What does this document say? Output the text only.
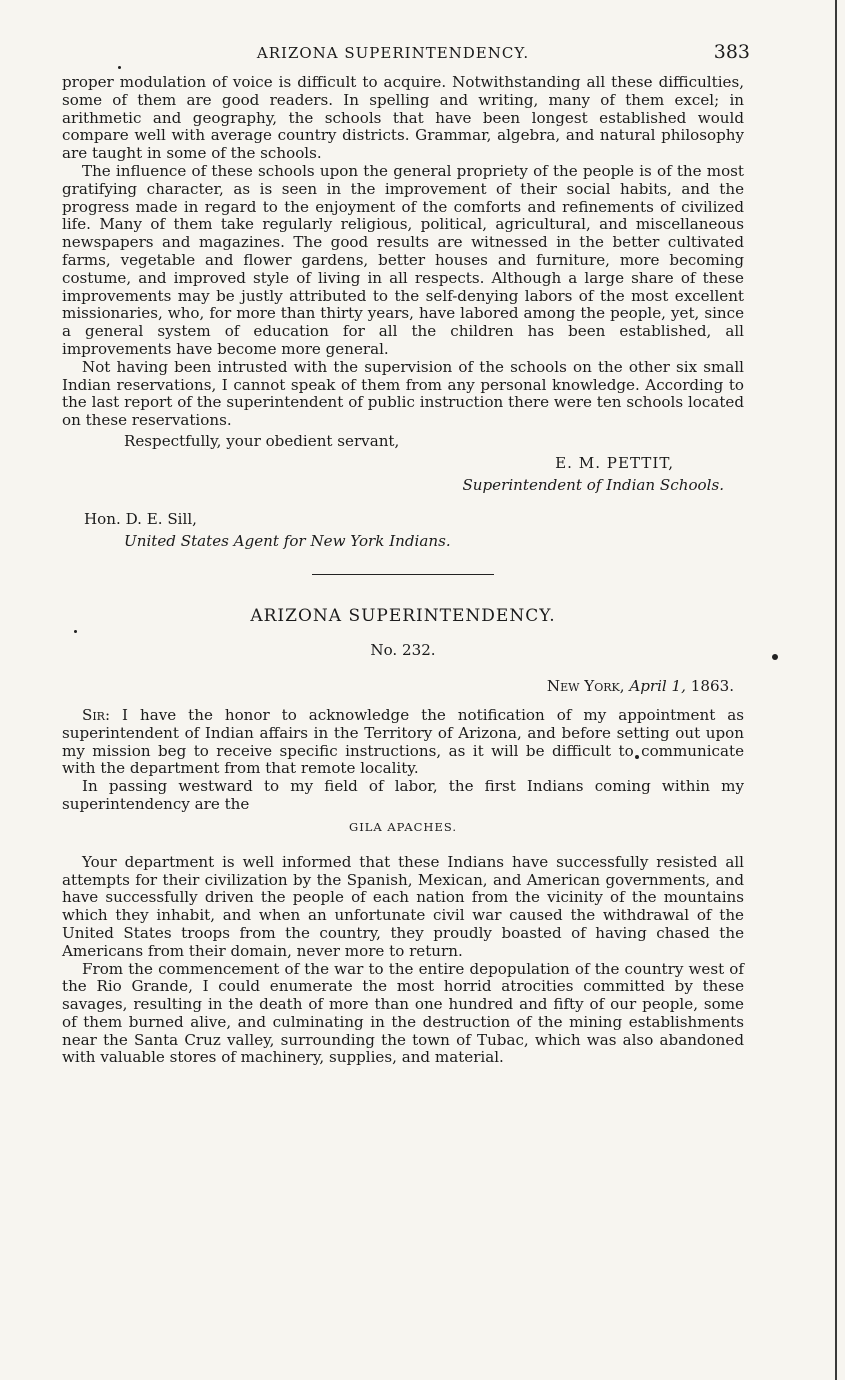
ARIZONA SUPERINTENDENCY.	383

proper modulation of voice is difficult to acquire. Notwithstanding all these difficulties, some of them are good readers. In spelling and writing, many of them excel; in arithmetic and geography, the schools that have been longest established would compare well with average country districts. Grammar, algebra, and natural philosophy are taught in some of the schools.

The influence of these schools upon the general propriety of the people is of the most gratifying character, as is seen in the improvement of their social habits, and the progress made in regard to the enjoyment of the comforts and refinements of civilized life. Many of them take regularly religious, political, agricultural, and miscellaneous newspapers and magazines. The good results are witnessed in the better cultivated farms, vegetable and flower gardens, better houses and furniture, more becoming costume, and improved style of living in all respects. Although a large share of these improvements may be justly attributed to the self-denying labors of the most excellent missionaries, who, for more than thirty years, have labored among the people, yet, since a general system of education for all the children has been established, all improvements have become more general.

Not having been intrusted with the supervision of the schools on the other six small Indian reservations, I cannot speak of them from any personal knowledge. According to the last report of the superintendent of public instruction there were ten schools located on these reservations.

Respectfully, your obedient servant,

E. M. PETTIT,

Superintendent of Indian Schools.

Hon. D. E. Sill,

United States Agent for New York Indians.

ARIZONA SUPERINTENDENCY.

No. 232.

New York, April 1, 1863.

Sir: I have the honor to acknowledge the notification of my appointment as superintendent of Indian affairs in the Territory of Arizona, and before setting out upon my mission beg to receive specific instructions, as it will be difficult to communicate with the department from that remote locality.

In passing westward to my field of labor, the first Indians coming within my superintendency are the

GILA APACHES.

Your department is well informed that these Indians have successfully resisted all attempts for their civilization by the Spanish, Mexican, and American governments, and have successfully driven the people of each nation from the vicinity of the mountains which they inhabit, and when an unfortunate civil war caused the withdrawal of the United States troops from the country, they proudly boasted of having chased the Americans from their domain, never more to return.

From the commencement of the war to the entire depopulation of the country west of the Rio Grande, I could enumerate the most horrid atrocities committed by these savages, resulting in the death of more than one hundred and fifty of our people, some of them burned alive, and culminating in the destruction of the mining establishments near the Santa Cruz valley, surrounding the town of Tubac, which was also abandoned with valuable stores of machinery, supplies, and material.
